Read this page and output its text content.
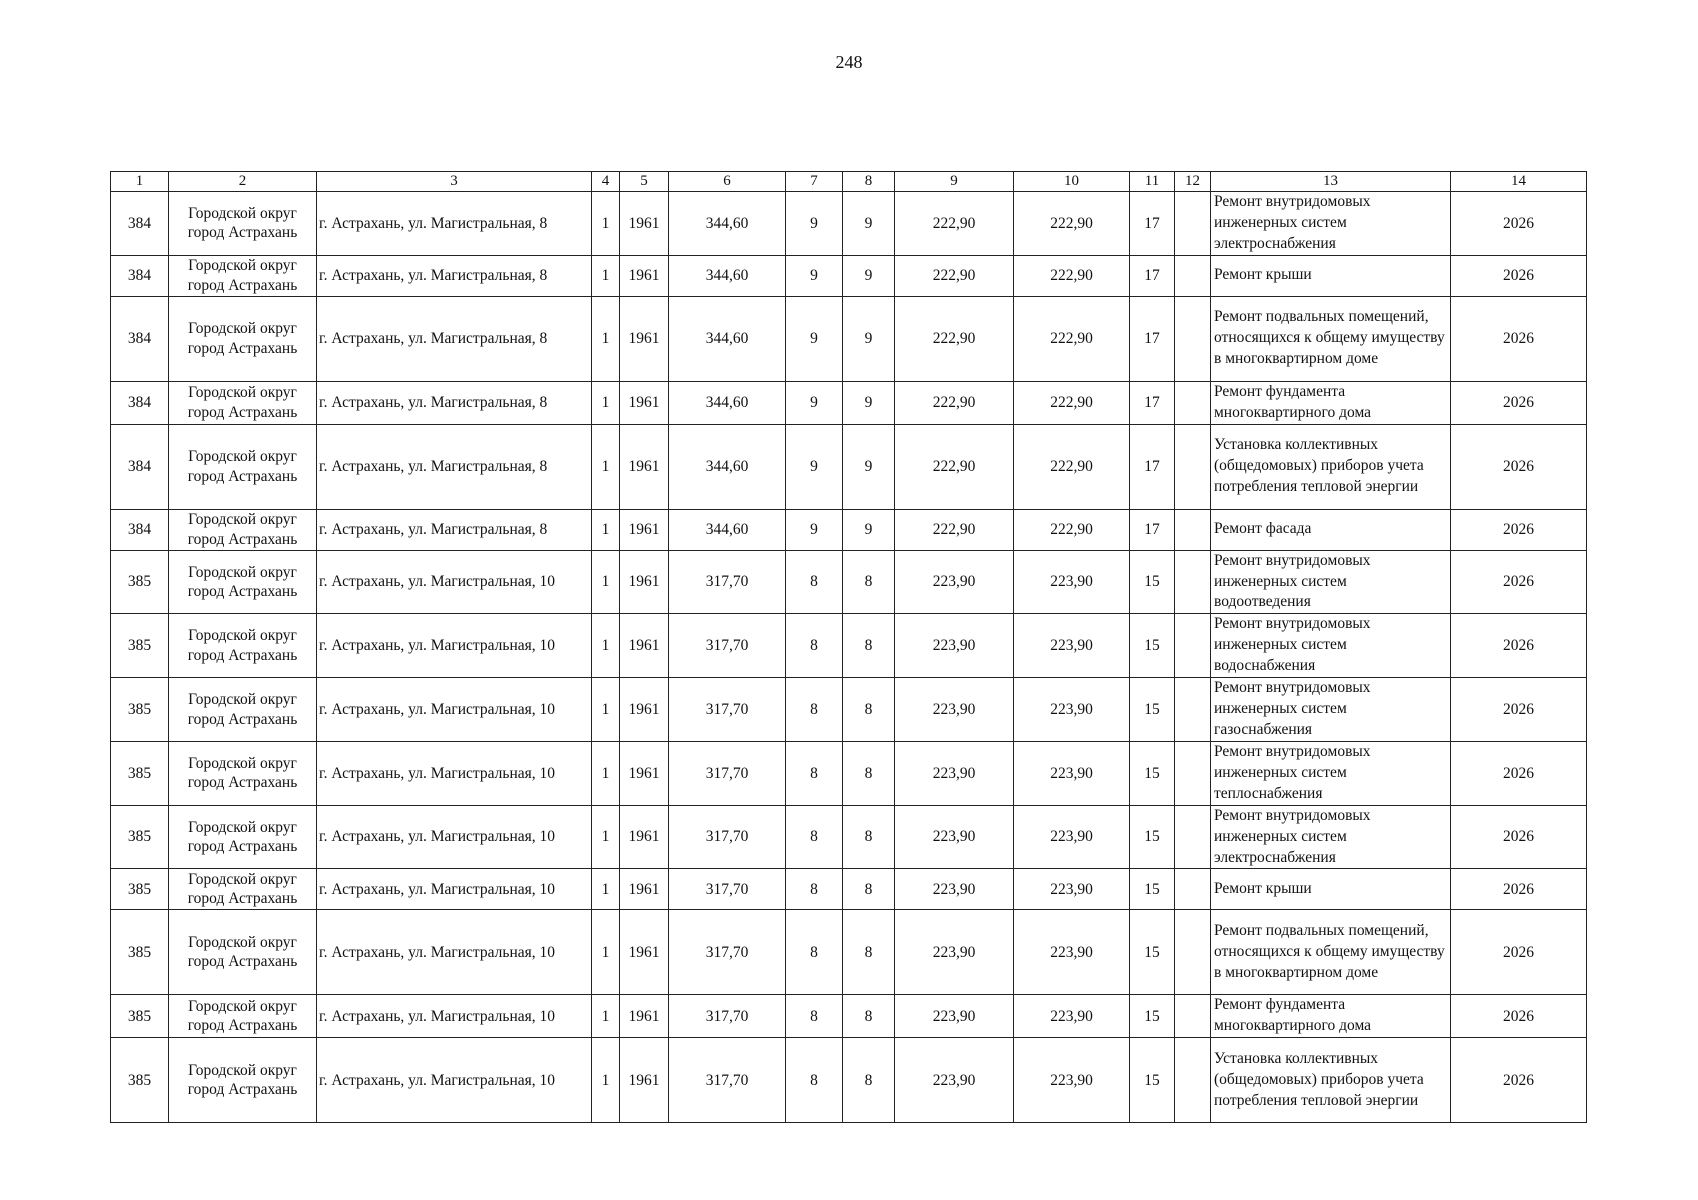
248
1	2	3	4	5	6	7	8	9	10	11	12	13	14
384	Городской округ город Астрахань	г. Астрахань, ул. Магистральная, 8	1	1961	344,60	9	9	222,90	222,90	17		Ремонт внутридомовых инженерных систем электроснабжения	2026
384	Городской округ город Астрахань	г. Астрахань, ул. Магистральная, 8	1	1961	344,60	9	9	222,90	222,90	17		Ремонт крыши	2026
384	Городской округ город Астрахань	г. Астрахань, ул. Магистральная, 8	1	1961	344,60	9	9	222,90	222,90	17		Ремонт подвальных помещений, относящихся к общему имуществу в многоквартирном доме	2026
384	Городской округ город Астрахань	г. Астрахань, ул. Магистральная, 8	1	1961	344,60	9	9	222,90	222,90	17		Ремонт фундамента многоквартирного дома	2026
384	Городской округ город Астрахань	г. Астрахань, ул. Магистральная, 8	1	1961	344,60	9	9	222,90	222,90	17		Установка коллективных (общедомовых) приборов учета потребления тепловой энергии	2026
384	Городской округ город Астрахань	г. Астрахань, ул. Магистральная, 8	1	1961	344,60	9	9	222,90	222,90	17		Ремонт фасада	2026
385	Городской округ город Астрахань	г. Астрахань, ул. Магистральная, 10	1	1961	317,70	8	8	223,90	223,90	15		Ремонт внутридомовых инженерных систем водоотведения	2026
385	Городской округ город Астрахань	г. Астрахань, ул. Магистральная, 10	1	1961	317,70	8	8	223,90	223,90	15		Ремонт внутридомовых инженерных систем водоснабжения	2026
385	Городской округ город Астрахань	г. Астрахань, ул. Магистральная, 10	1	1961	317,70	8	8	223,90	223,90	15		Ремонт внутридомовых инженерных систем газоснабжения	2026
385	Городской округ город Астрахань	г. Астрахань, ул. Магистральная, 10	1	1961	317,70	8	8	223,90	223,90	15		Ремонт внутридомовых инженерных систем теплоснабжения	2026
385	Городской округ город Астрахань	г. Астрахань, ул. Магистральная, 10	1	1961	317,70	8	8	223,90	223,90	15		Ремонт внутридомовых инженерных систем электроснабжения	2026
385	Городской округ город Астрахань	г. Астрахань, ул. Магистральная, 10	1	1961	317,70	8	8	223,90	223,90	15		Ремонт крыши	2026
385	Городской округ город Астрахань	г. Астрахань, ул. Магистральная, 10	1	1961	317,70	8	8	223,90	223,90	15		Ремонт подвальных помещений, относящихся к общему имуществу в многоквартирном доме	2026
385	Городской округ город Астрахань	г. Астрахань, ул. Магистральная, 10	1	1961	317,70	8	8	223,90	223,90	15		Ремонт фундамента многоквартирного дома	2026
385	Городской округ город Астрахань	г. Астрахань, ул. Магистральная, 10	1	1961	317,70	8	8	223,90	223,90	15		Установка коллективных (общедомовых) приборов учета потребления тепловой энергии	2026
